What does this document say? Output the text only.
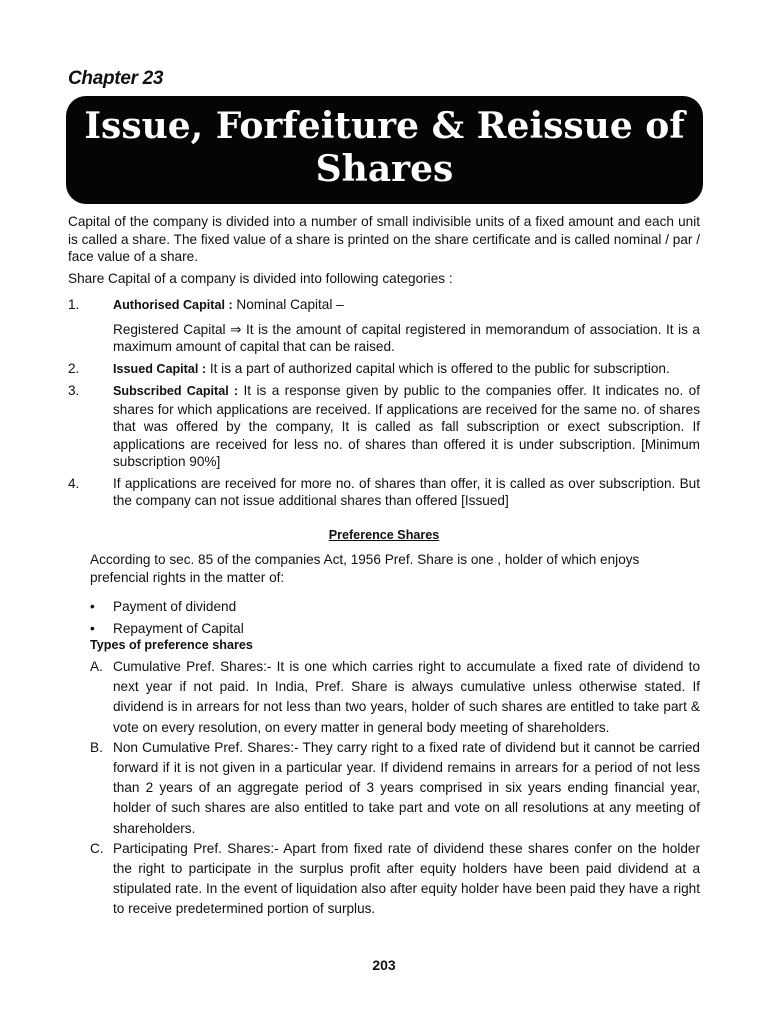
Chapter 23
Issue, Forfeiture & Reissue of
Shares

Capital of the company is divided into a number of small indivisible units of a fixed amount and each unit is called a share. The fixed value of a share is printed on the share certificate and is called nominal / par / face value of a share.

Share Capital of a company is divided into following categories :

1.	Authorised Capital : Nominal Capital –
Registered Capital ⇒ It is the amount of capital registered in memorandum of association. It is a maximum amount of capital that can be raised.
2.	Issued Capital : It is a part of authorized capital which is offered to the public for subscription.
3.	Subscribed Capital : It is a response given by public to the companies offer. It indicates no. of shares for which applications are received. If applications are received for the same no. of shares that was offered by the company, It is called as fall subscription or exect subscription. If applications are received for less no. of shares than offered it is under subscription. [Minimum subscription 90%]
4. If applications are received for more no. of shares than offer, it is called as over subscription. But the company can not issue additional shares than offered [Issued]
Preference Shares
According to sec. 85 of the companies Act, 1956 Pref. Share is one , holder of which enjoys prefencial rights in the matter of:
• Payment of dividend
• Repayment of Capital
Types of preference shares
A. Cumulative Pref. Shares:- It is one which carries right to accumulate a fixed rate of dividend to next year if not paid. In India, Pref. Share is always cumulative unless otherwise stated. If dividend is in arrears for not less than two years, holder of such shares are entitled to take part & vote on every resolution, on every matter in general body meeting of shareholders.
B. Non Cumulative Pref. Shares:- They carry right to a fixed rate of dividend but it cannot be carried forward if it is not given in a particular year. If dividend remains in arrears for a period of not less than 2 years of an aggregate period of 3 years comprised in six years ending financial year, holder of such shares are also entitled to take part and vote on all resolutions at any meeting of shareholders.
C. Participating Pref. Shares:- Apart from fixed rate of dividend these shares confer on the holder the right to participate in the surplus profit after equity holders have been paid dividend at a stipulated rate. In the event of liquidation also after equity holder have been paid they have a right to receive predetermined portion of surplus.
203
